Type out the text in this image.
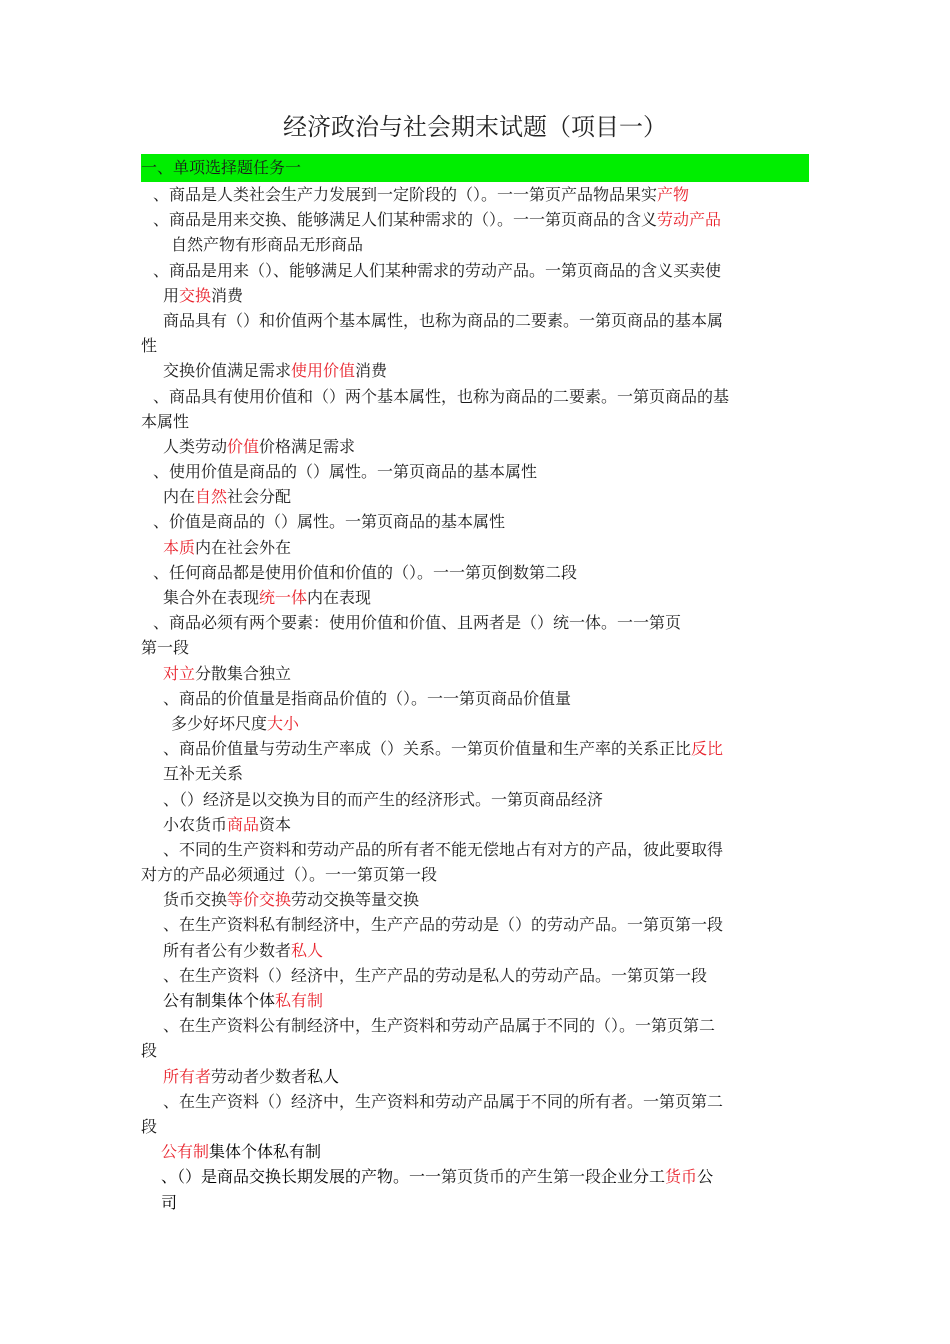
经济政治与社会期末试题（项目一）
一、单项选择题任务一
、商品是人类社会生产力发展到一定阶段的（）。一一第页产品物品果实产物
、商品是用来交换、能够满足人们某种需求的（）。一一第页商品的含义劳动产品
自然产物有形商品无形商品
、商品是用来（）、能够满足人们某种需求的劳动产品。一第页商品的含义买卖使
用交换消费
商品具有（）和价值两个基本属性，也称为商品的二要素。一第页商品的基本属
性
交换价值满足需求使用价值消费
、商品具有使用价值和（）两个基本属性，也称为商品的二要素。一第页商品的基
本属性
人类劳动价值价格满足需求
、使用价值是商品的（）属性。一第页商品的基本属性
内在自然社会分配
、价值是商品的（）属性。一第页商品的基本属性
本质内在社会外在
、任何商品都是使用价值和价值的（）。一一第页倒数第二段
集合外在表现统一体内在表现
、商品必须有两个要素：使用价值和价值、且两者是（）统一体。一一第页
第一段
对立分散集合独立
、商品的价值量是指商品价值的（）。一一第页商品价值量
多少好坏尺度大小
、商品价值量与劳动生产率成（）关系。一第页价值量和生产率的关系正比反比
互补无关系
、（）经济是以交换为目的而产生的经济形式。一第页商品经济
小农货币商品资本
、不同的生产资料和劳动产品的所有者不能无偿地占有对方的产品，彼此要取得
对方的产品必须通过（）。一一第页第一段
货币交换等价交换劳动交换等量交换
、在生产资料私有制经济中，生产产品的劳动是（）的劳动产品。一第页第一段
所有者公有少数者私人
、在生产资料（）经济中，生产产品的劳动是私人的劳动产品。一第页第一段
公有制集体个体私有制
、在生产资料公有制经济中，生产资料和劳动产品属于不同的（）。一第页第二
段
所有者劳动者少数者私人
、在生产资料（）经济中，生产资料和劳动产品属于不同的所有者。一第页第二
段
公有制集体个体私有制
、（）是商品交换长期发展的产物。一一第页货币的产生第一段企业分工货币公
司
